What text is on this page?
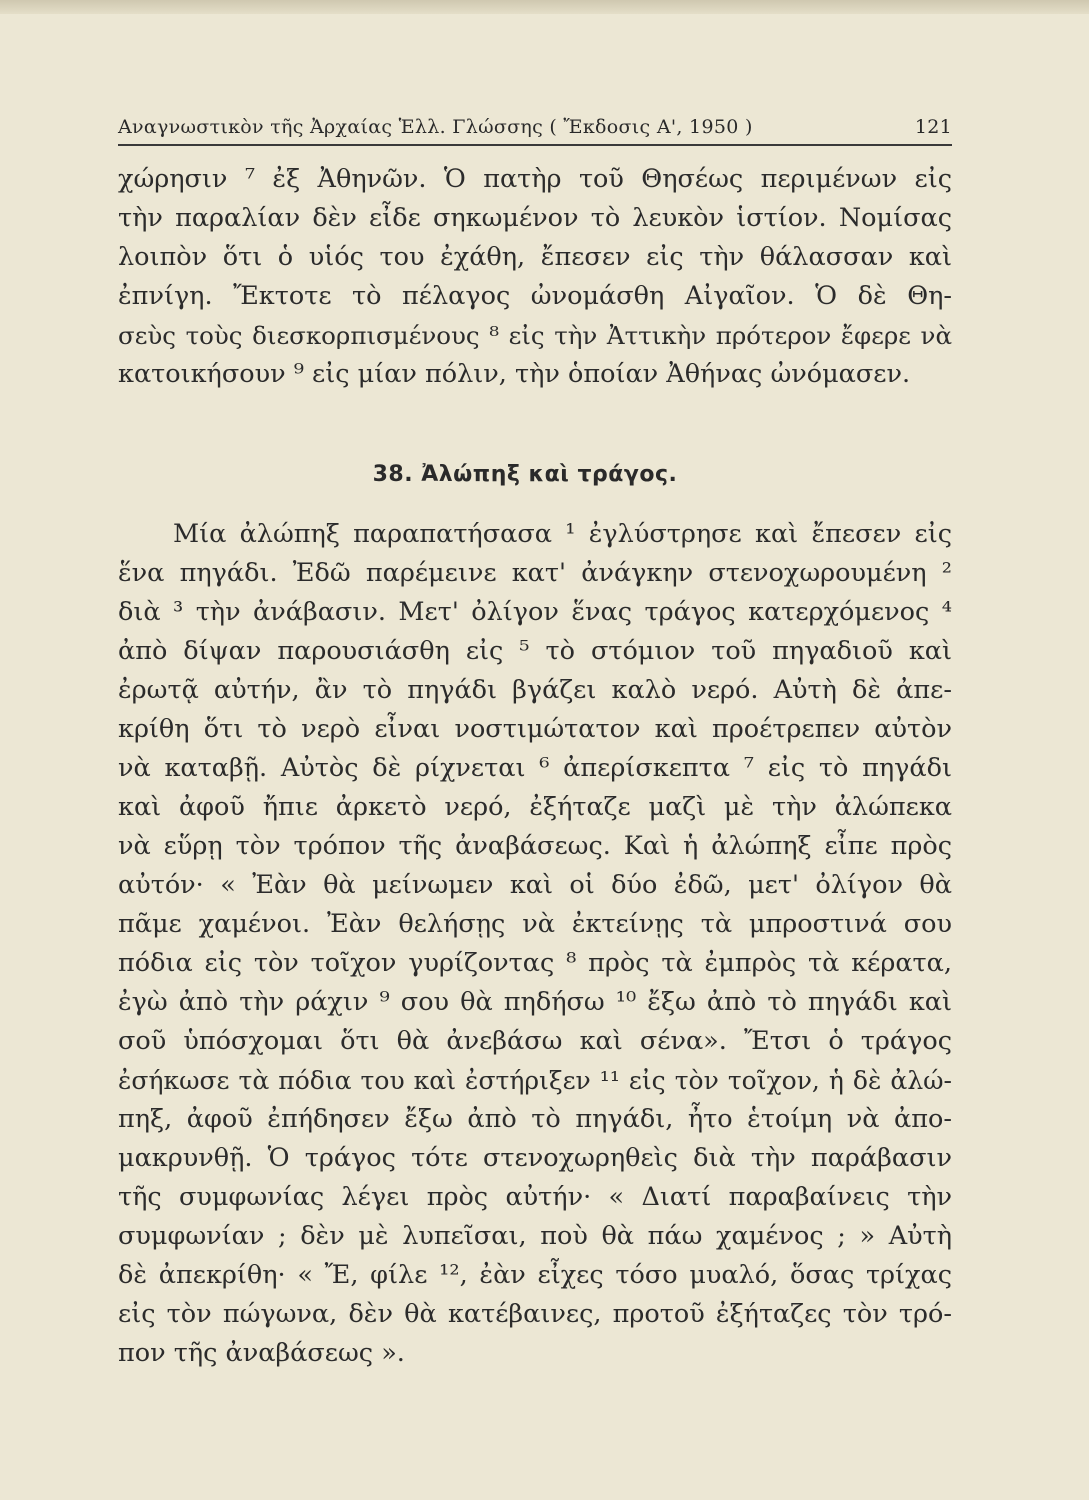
Αναγνωστικὸν τῆς Ἀρχαίας Ἑλλ. Γλώσσης ( Ἔκδοσις Α', 1950 )	121
χώρησιν ⁷ ἐξ Ἀθηνῶν. Ὁ πατὴρ τοῦ Θησέως περιμένων εἰς
τὴν παραλίαν δὲν εἶδε σηκωμένον τὸ λευκὸν ἱστίον. Νομίσας
λοιπὸν ὅτι ὁ υἱός του ἐχάθη, ἔπεσεν εἰς τὴν θάλασσαν καὶ
ἐπνίγη. Ἔκτοτε τὸ πέλαγος ὠνομάσθη Αἰγαῖον. Ὁ δὲ Θη-
σεὺς τοὺς διεσκορπισμένους ⁸ εἰς τὴν Ἀττικὴν πρότερον ἔφερε νὰ
κατοικήσουν ⁹ εἰς μίαν πόλιν, τὴν ὁποίαν Ἀθήνας ὠνόμασεν.
38. Ἀλώπηξ καὶ τράγος.
Μία ἀλώπηξ παραπατήσασα ¹ ἐγλύστρησε καὶ ἔπεσεν εἰς
ἕνα πηγάδι. Ἐδῶ παρέμεινε κατ' ἀνάγκην στενοχωρουμένη ²
διὰ ³ τὴν ἀνάβασιν. Μετ' ὀλίγον ἕνας τράγος κατερχόμενος ⁴
ἀπὸ δίψαν παρουσιάσθη εἰς ⁵ τὸ στόμιον τοῦ πηγαδιοῦ καὶ
ἐρωτᾷ αὐτήν, ἂν τὸ πηγάδι βγάζει καλὸ νερό. Αὐτὴ δὲ ἀπε-
κρίθη ὅτι τὸ νερὸ εἶναι νοστιμώτατον καὶ προέτρεπεν αὐτὸν
νὰ καταβῇ. Αὐτὸς δὲ ρίχνεται ⁶ ἀπερίσκεπτα ⁷ εἰς τὸ πηγάδι
καὶ ἀφοῦ ἤπιε ἀρκετὸ νερό, ἐξήταζε μαζὶ μὲ τὴν ἀλώπεκα
νὰ εὕρῃ τὸν τρόπον τῆς ἀναβάσεως. Καὶ ἡ ἀλώπηξ εἶπε πρὸς
αὐτόν· « Ἐὰν θὰ μείνωμεν καὶ οἱ δύο ἐδῶ, μετ' ὀλίγον θὰ
πᾶμε χαμένοι. Ἐὰν θελήσῃς νὰ ἐκτείνῃς τὰ μπροστινά σου
πόδια εἰς τὸν τοῖχον γυρίζοντας ⁸ πρὸς τὰ ἐμπρὸς τὰ κέρατα,
ἐγὼ ἀπὸ τὴν ράχιν ⁹ σου θὰ πηδήσω ¹⁰ ἔξω ἀπὸ τὸ πηγάδι καὶ
σοῦ ὑπόσχομαι ὅτι θὰ ἀνεβάσω καὶ σένα». Ἔτσι ὁ τράγος
ἐσήκωσε τὰ πόδια του καὶ ἐστήριξεν ¹¹ εἰς τὸν τοῖχον, ἡ δὲ ἀλώ-
πηξ, ἀφοῦ ἐπήδησεν ἔξω ἀπὸ τὸ πηγάδι, ἦτο ἑτοίμη νὰ ἀπο-
μακρυνθῇ. Ὁ τράγος τότε στενοχωρηθεὶς διὰ τὴν παράβασιν
τῆς συμφωνίας λέγει πρὸς αὐτήν· « Διατί παραβαίνεις τὴν
συμφωνίαν ; δὲν μὲ λυπεῖσαι, ποὺ θὰ πάω χαμένος ; » Αὐτὴ
δὲ ἀπεκρίθη· « Ἔ, φίλε ¹², ἐὰν εἶχες τόσο μυαλό, ὅσας τρίχας
εἰς τὸν πώγωνα, δὲν θὰ κατέβαινες, προτοῦ ἐξήταζες τὸν τρό-
πον τῆς ἀναβάσεως ».
